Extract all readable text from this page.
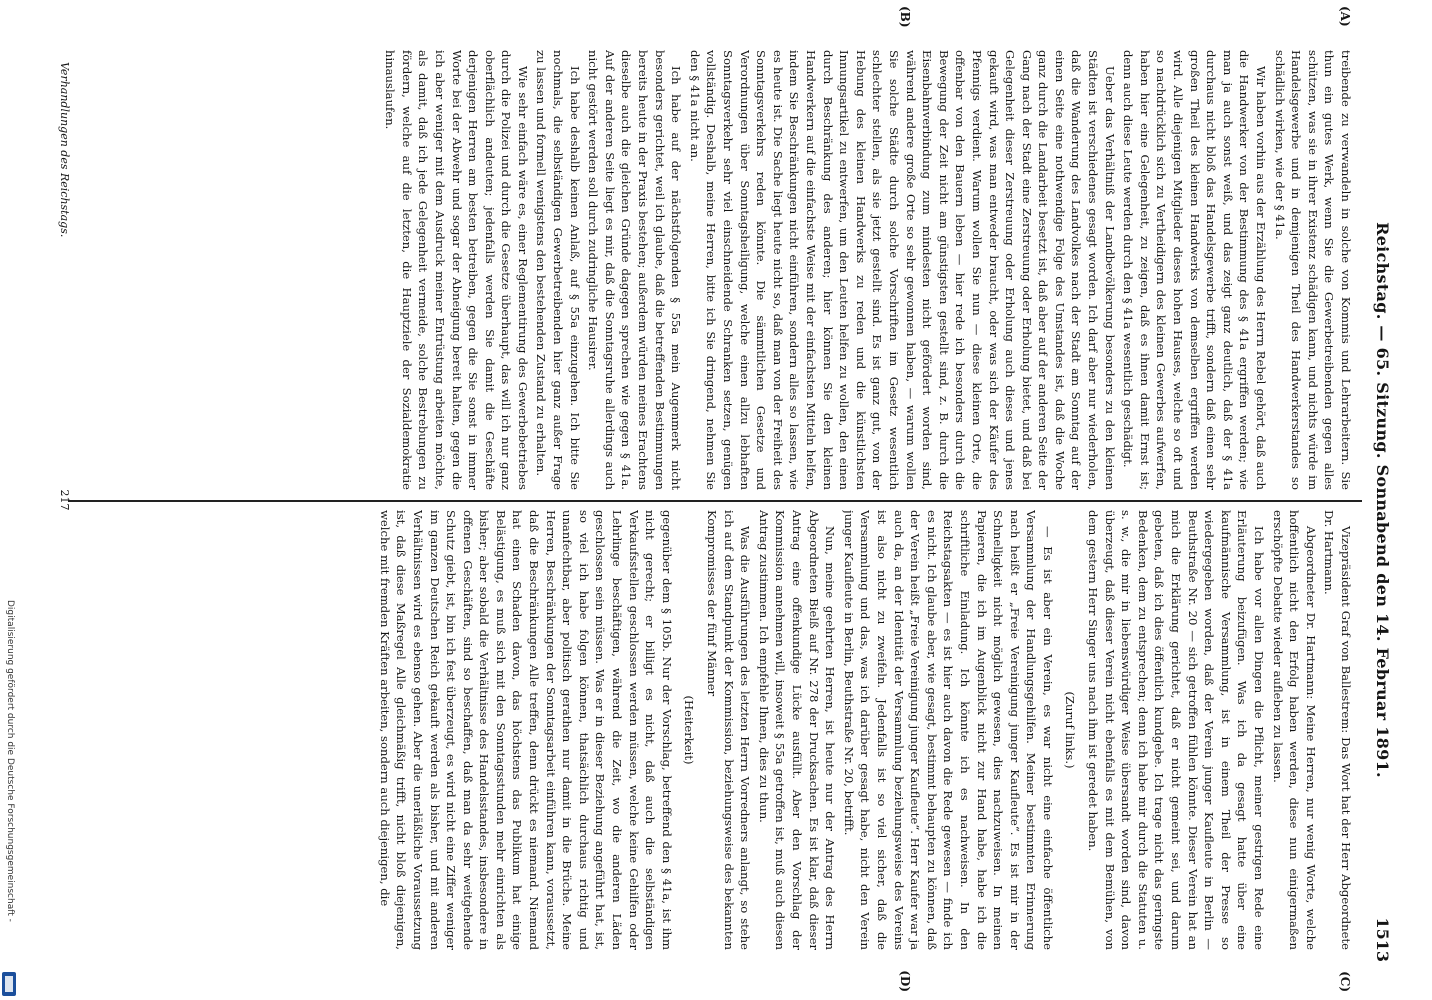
Reichstag. — 65. Sitzung. Sonnabend den 14. Februar 1891.
1513
(A)
(B)
(C)
(D)

treibende zu verwandeln in solche von Kommis und Lehrarbeitern. Sie thun ein gutes Werk, wenn Sie die Gewerbetreibenden gegen alles schützen, was sie in ihrer Existenz schädigen kann, und nichts würde im Handelsgewerbe und in demjenigen Theil des Handwerkerstandes so schädlich wirken, wie der § 41a.

Wir haben vorhin aus der Erzählung des Herrn Rebel gehört, daß auch die Handwerker von der Bestimmung des § 41a ergriffen werden; wie man ja auch sonst weiß, und das zeigt ganz deutlich, daß der § 41a durchaus nicht bloß das Handelsgewerbe trifft, sondern daß einen sehr großen Theil des kleinen Handwerks von demselben ergriffen werden wird. Alle diejenigen Mitglieder dieses hohen Hauses, welche so oft und so nachdrücklich sich zu Vertheidigern des kleinen Gewerbes aufwerfen, haben hier eine Gelegenheit, zu zeigen, daß es ihnen damit Ernst ist; denn auch diese Leute werden durch den § 41a wesentlich geschädigt.

Ueber das Verhältniß der Landbevölkerung besonders zu den kleinen Städten ist verschiedenes gesagt worden. Ich darf aber nur wiederholen, daß die Wanderung des Landvolkes nach der Stadt am Sonntag auf der einen Seite eine nothwendige Folge des Umstandes ist, daß die Woche ganz durch die Landarbeit besetzt ist, daß aber auf der anderen Seite der Gang nach der Stadt eine Zerstreuung oder Erholung bietet, und daß bei Gelegenheit dieser Zerstreuung oder Erholung auch dieses und jenes gekauft wird, was man entweder braucht, oder was sich der Käufer des Pfennigs verdient. Warum wollen Sie nun — diese kleinen Orte, die offenbar von den Bauern leben — hier rede ich besonders durch die Bewegung der Zeit nicht am günstigsten gestellt sind, z. B. durch die Eisenbahnverbindung zum mindesten nicht gefördert worden sind, während andere große Orte so sehr gewonnen haben, — warum wollen Sie solche Städte durch solche Vorschriften im Gesetz wesentlich schlechter stellen, als sie jetzt gestellt sind. Es ist ganz gut, von der Hebung des kleinen Handwerks zu reden und die künstlichsten Innungsartikel zu entwerfen, um den Leuten helfen zu wollen, den einen durch Beschränkung des anderen; hier können Sie den kleinen Handwerkern auf die einfachste Weise mit der einfachsten Mitteln helfen, indem Sie Beschränkungen nicht einführen, sondern alles so lassen, wie es heute ist. Die Sache liegt heute nicht so, daß man von der Freiheit des Sonntagsverkehrs reden könnte. Die sämmtlichen Gesetze und Verordnungen über Sonntagsheiligung, welche einen allzu lebhaften Sonntagsverkehr sehr viel einschneidende Schranken setzen, genügen vollständig. Deshalb, meine Herren, bitte ich Sie dringend, nehmen Sie den § 41a nicht an.

Ich habe auf der nächstfolgenden § 55a mein Augenmerk nicht besonders gerichtet, weil ich glaube, daß die betreffenden Bestimmungen bereits heute in der Praxis bestehen; außerdem würden meines Erachtens dieselbe auch die gleichen Gründe dagegen sprechen wie gegen § 41a. Auf der anderen Seite liegt es mir, daß die Sonntagsruhe allerdings auch nicht gestört werden soll durch zudringliche Hausirer.

Ich habe deshalb keinen Anlaß, auf § 55a einzugehen. Ich bitte Sie nochmals, die selbständigen Gewerbetreibenden hier ganz außer Frage zu lassen und formell wenigstens den bestehenden Zustand zu erhalten.

Wie sehr einfach wäre es, einer Reglementirung des Gewerbebetriebes durch die Polizei und durch die Gesetze überhaupt, das will ich nur ganz oberflächlich andeuten; jedenfalls werden Sie damit die Geschäfte derjenigen Herren am besten betreiben, gegen die Sie sonst in immer Worte bei der Abwehr und sogar der Abneigung bereit halten, gegen die ich aber weniger mit dem Ausdruck meiner Entrüstung arbeiten möchte, als damit, daß ich jede Gelegenheit vermeide, solche Bestrebungen zu fördern, welche auf die letzten, die Hauptziele der Sozialdemokratie hinauslaufen.

Vizepräsident Graf von Ballestrem: Das Wort hat der Herr Abgeordnete Dr. Hartmann.

Abgeordneter Dr. Hartmann: Meine Herren, nur wenig Worte, welche hoffentlich nicht den Erfolg haben werden, diese nun einigermaßen erschöpfte Debatte wieder aufleben zu lassen.

Ich habe vor allen Dingen die Pflicht, meiner gestrigen Rede eine Erläuterung beizufügen. Was ich da gesagt hatte über eine kaufmännische Versammlung, ist in einem Theil der Presse so wiedergegeben worden, daß der Verein junger Kaufleute in Berlin — Beuthstraße Nr. 20 — sich getroffen fühlen könnte. Dieser Verein hat an mich die Erklärung gerichtet, daß er nicht gemeint sei, und darum gebeten, daß ich dies öffentlich kundgebe. Ich trage nicht das geringste Bedenken, dem zu entsprechen; denn ich habe mir durch die Statuten u. s. w., die mir in liebenswürdiger Weise übersandt worden sind, davon überzeugt, daß dieser Verein nicht ebenfalls es mit dem Bemühen, von dem gestern Herr Singer uns nach ihm ist geredet haben.

(Zuruf links.)

— Es ist aber ein Verein, es war nicht eine einfache öffentliche Versammlung der Handlungsgehilfen. Meiner bestimmten Erinnerung nach heißt er „Freie Vereinigung junger Kaufleute“. Es ist mir in der Schnelligkeit nicht möglich gewesen, dies nachzuweisen. In meinen Papieren, die ich im Augenblick nicht zur Hand habe, habe ich die schriftliche Einladung. Ich könnte ich es nachweisen. In den Reichstagsakten — es ist hier auch davon die Rede gewesen — finde ich es nicht. Ich glaube aber, wie gesagt, bestimmt behaupten zu können, daß der Verein heißt „Freie Vereinigung junger Kaufleute“. Herr Kaufer war ja auch da, an der Identität der Versammlung beziehungsweise des Vereins ist also nicht zu zweifeln. Jedenfalls ist so viel sicher, daß die Versammlung und das, was ich darüber gesagt habe, nicht den Verein junger Kaufleute in Berlin, Beuthstraße Nr. 20, betrifft.

Nun, meine geehrten Herren, ist heute nur der Antrag des Herrn Abgeordneten Bielß auf Nr. 278 der Drucksachen. Es ist klar, daß dieser Antrag eine offenkundige Lücke ausfüllt. Aber den Vorschlag der Kommission annehmen will, insoweit § 55a getroffen ist, muß auch diesen Antrag zustimmen. Ich empfehle Ihnen, dies zu thun.

Was die Ausführungen des letzten Herrn Vorredners anlangt, so stehe ich auf dem Standpunkt der Kommission, beziehungsweise des bekannten Kompromisses der fünf Männer

(Heiterkeit)

gegenüber dem § 105b. Nur der Vorschlag, betreffend den § 41a, ist ihm nicht gerecht; er billigt es nicht, daß auch die selbständigen Verkaufsstellen geschlossen werden müssen, welche keine Gehilfen oder Lehrlinge beschäftigen, während die Zeit, wo die anderen Läden geschlossen sein müssen. Was er in dieser Beziehung angeführt hat, ist, so viel ich habe folgen können, thatsächlich durchaus richtig und unanfechtbar, aber politisch gerathen nur damit in die Brüche. Meine Herren, Beschränkungen der Sonntagsarbeit einführen kann, voraussetzt, daß die Beschränkungen Alle treffen, denn drückt es niemand. Niemand hat einen Schaden davon, das höchstens das Publikum hat einige Belästigung, es muß sich mit den Sonntagsstunden mehr einrichten als bisher; aber sobald die Verhältnisse des Handelsstandes, insbesondere in offenen Geschäften, sind so beschaffen, daß man da sehr weitgehende Schutz giebt, ist, bin ich fest überzeugt, es wird nicht eine Ziffer weniger im ganzen Deutschen Reich gekauft werden als bisher, und mit anderen Verhältnissen wird es ebenso gehen. Aber die unerläßliche Voraussetzung ist, daß diese Maßregel Alle gleichmäßig trifft, nicht bloß diejenigen, welche mit fremden Kräften arbeiten, sondern auch diejenigen, die

Verhandlungen des Reichstags.
217
Digitalisierung gefördert durch die Deutsche Forschungsgemeinschaft -
